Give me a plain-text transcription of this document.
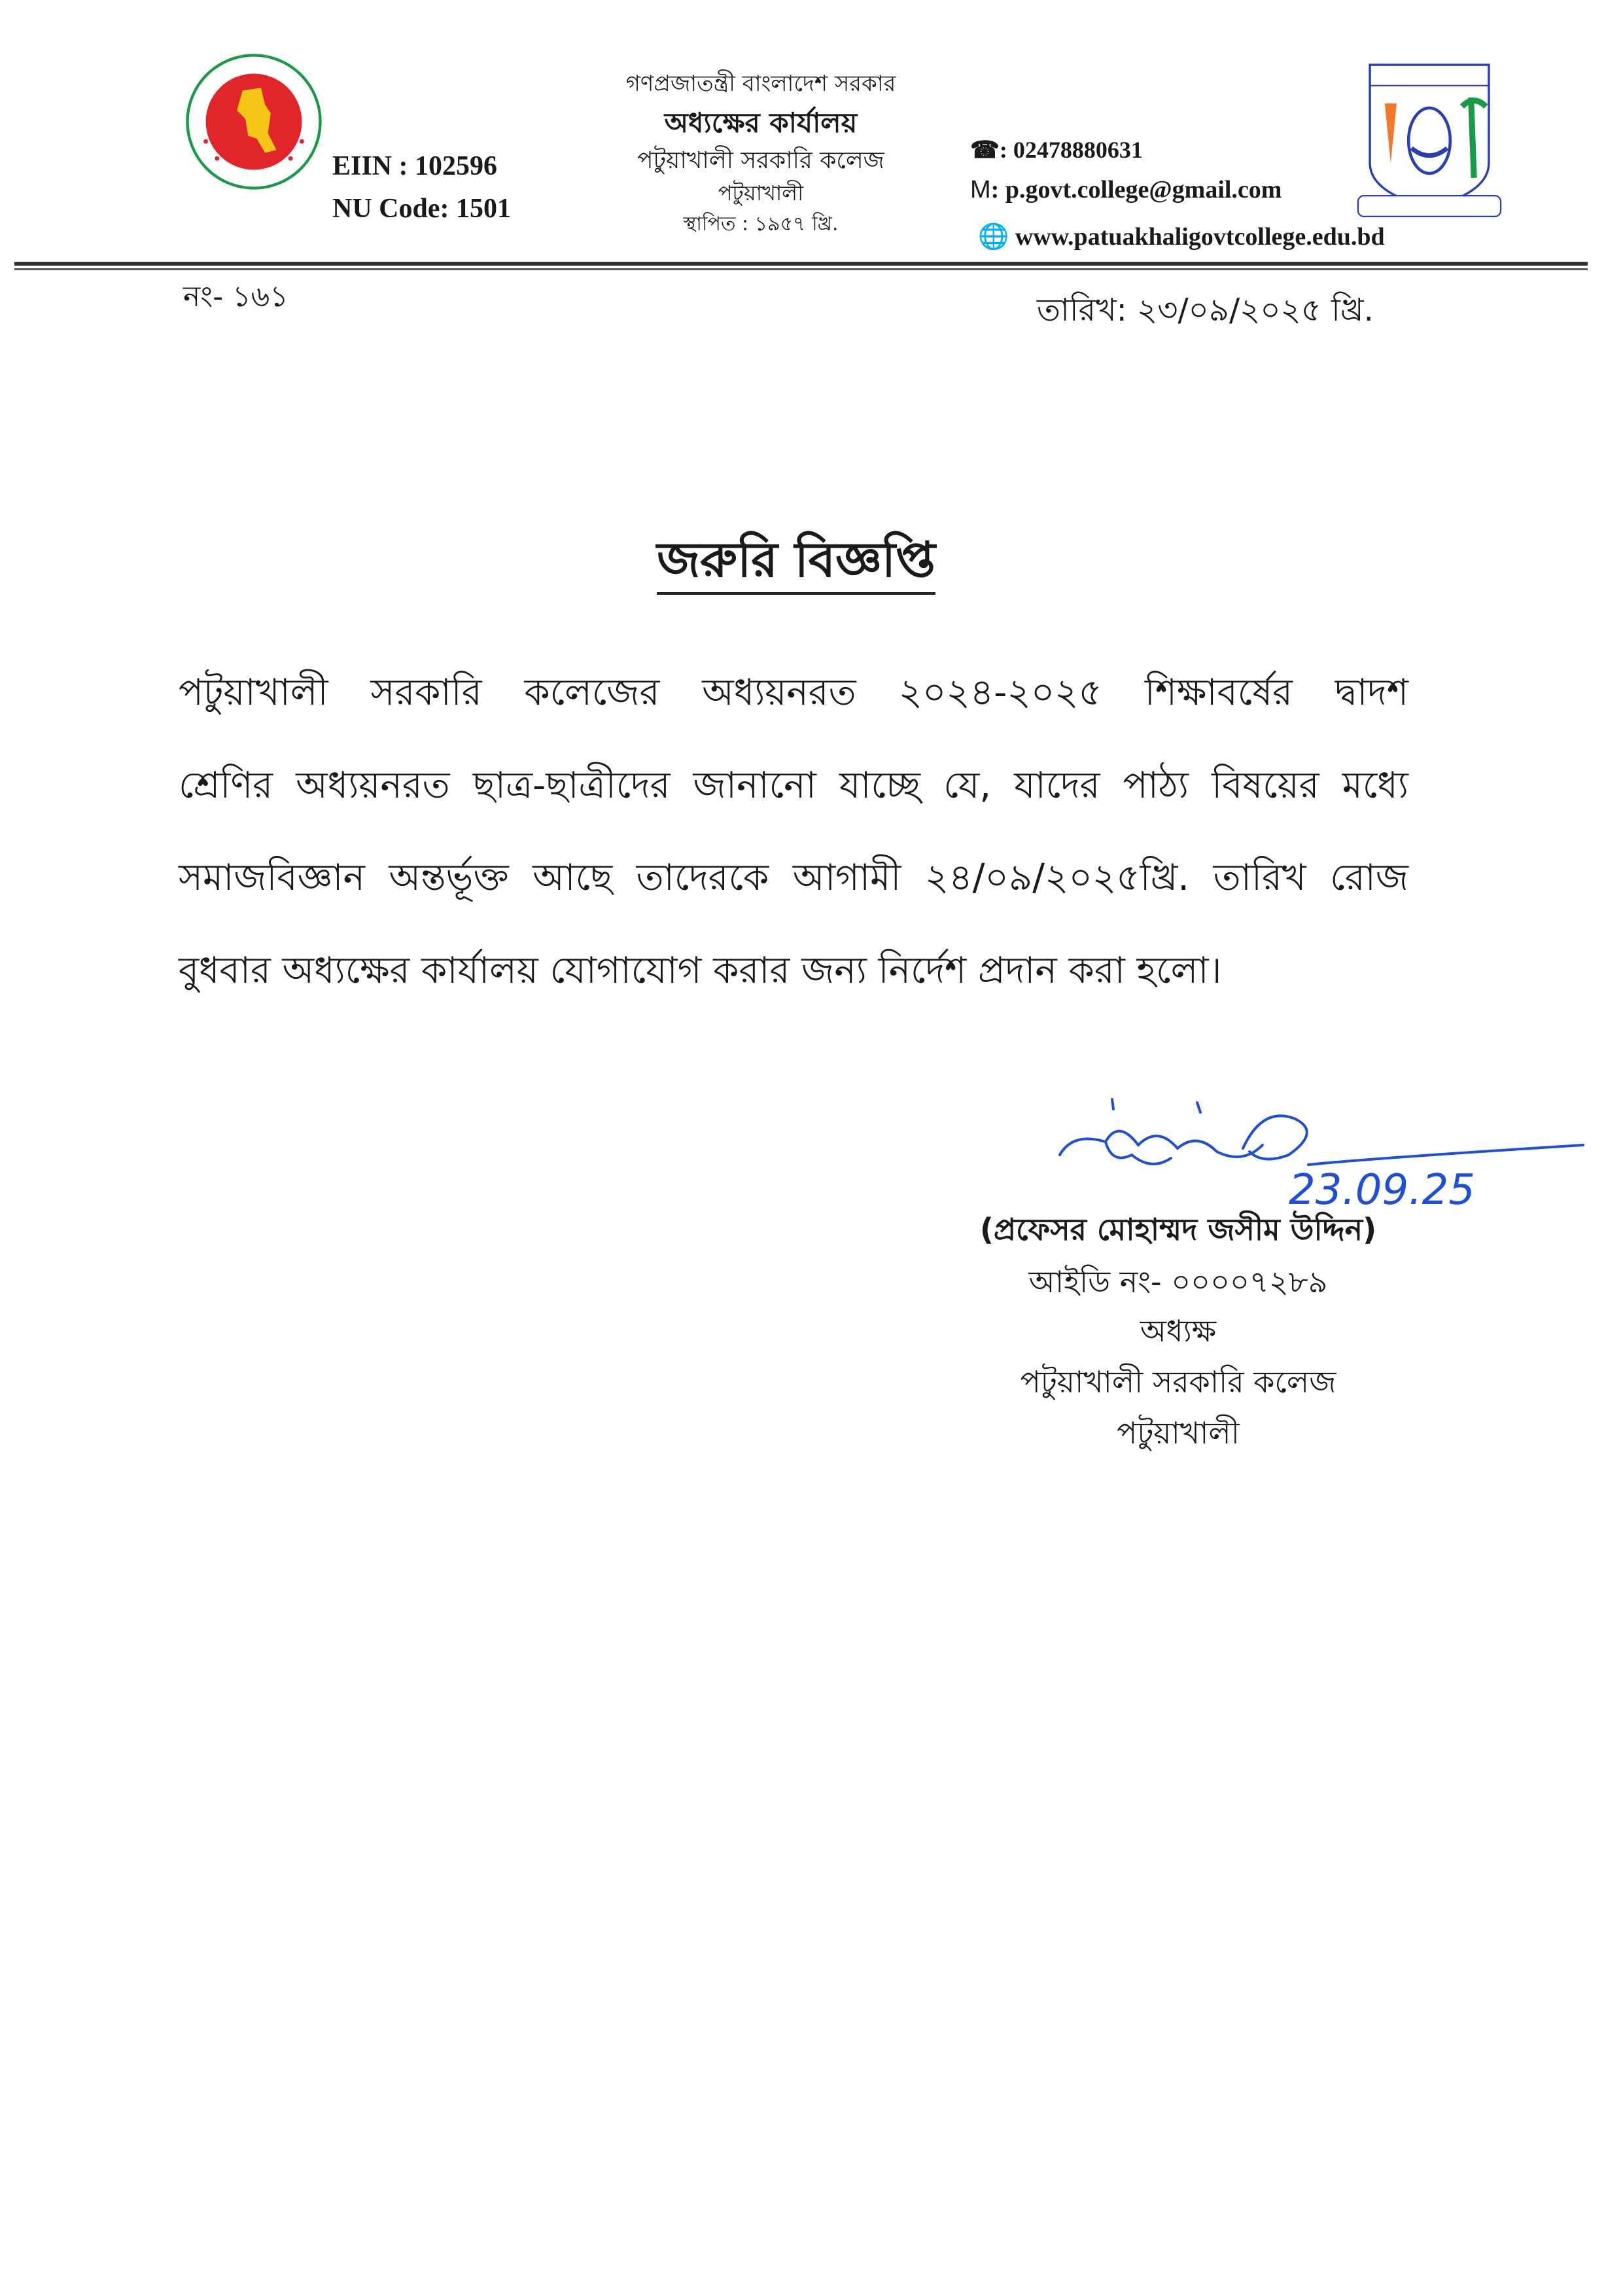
EIIN : 102596
NU Code: 1501
গণপ্রজাতন্ত্রী বাংলাদেশ সরকার
অধ্যক্ষের কার্যালয়
পটুয়াখালী সরকারি কলেজ
পটুয়াখালী
স্থাপিত : ১৯৫৭ খ্রি.
☎: 02478880631
M: p.govt.college@gmail.com
🌐 www.patuakhaligovtcollege.edu.bd
নং- ১৬১	তারিখ: ২৩/০৯/২০২৫ খ্রি.
জরুরি বিজ্ঞপ্তি
পটুয়াখালী সরকারি কলেজের অধ্যয়নরত ২০২৪-২০২৫ শিক্ষাবর্ষের দ্বাদশ
শ্রেণির অধ্যয়নরত ছাত্র-ছাত্রীদের জানানো যাচ্ছে যে, যাদের পাঠ্য বিষয়ের মধ্যে
সমাজবিজ্ঞান অন্তর্ভূক্ত আছে তাদেরকে আগামী ২৪/০৯/২০২৫খ্রি. তারিখ রোজ
বুধবার অধ্যক্ষের কার্যালয় যোগাযোগ করার জন্য নির্দেশ প্রদান করা হলো।
23.09.25
(প্রফেসর মোহাম্মদ জসীম উদ্দিন)
আইডি নং- ০০০০৭২৮৯
অধ্যক্ষ
পটুয়াখালী সরকারি কলেজ
পটুয়াখালী
